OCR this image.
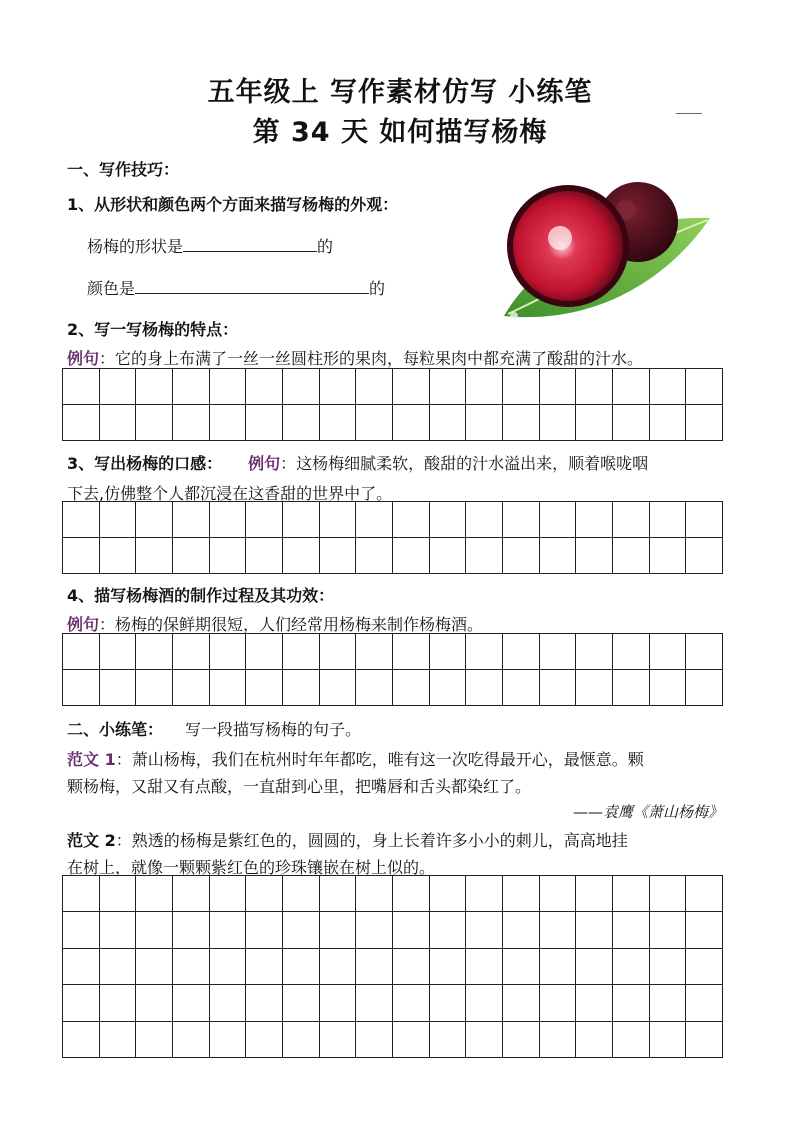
五年级上 写作素材仿写 小练笔
第 34 天 如何描写杨梅
一、写作技巧：
1、从形状和颜色两个方面来描写杨梅的外观：
杨梅的形状是	的
颜色是	的
2、写一写杨梅的特点：
例句：它的身上布满了一丝一丝圆柱形的果肉，每粒果肉中都充满了酸甜的汁水。
3、写出杨梅的口感： 例句：这杨梅细腻柔软，酸甜的汁水溢出来，顺着喉咙咽
下去,仿佛整个人都沉浸在这香甜的世界中了。
4、描写杨梅酒的制作过程及其功效：
例句：杨梅的保鲜期很短，人们经常用杨梅来制作杨梅酒。
二、小练笔： 写一段描写杨梅的句子。
范文 1：萧山杨梅，我们在杭州时年年都吃，唯有这一次吃得最开心，最惬意。颗
颗杨梅，又甜又有点酸，一直甜到心里，把嘴唇和舌头都染红了。
——袁鹰《萧山杨梅》
范文 2：熟透的杨梅是紫红色的，圆圆的，身上长着许多小小的刺儿，高高地挂
在树上，就像一颗颗紫红色的珍珠镶嵌在树上似的。
